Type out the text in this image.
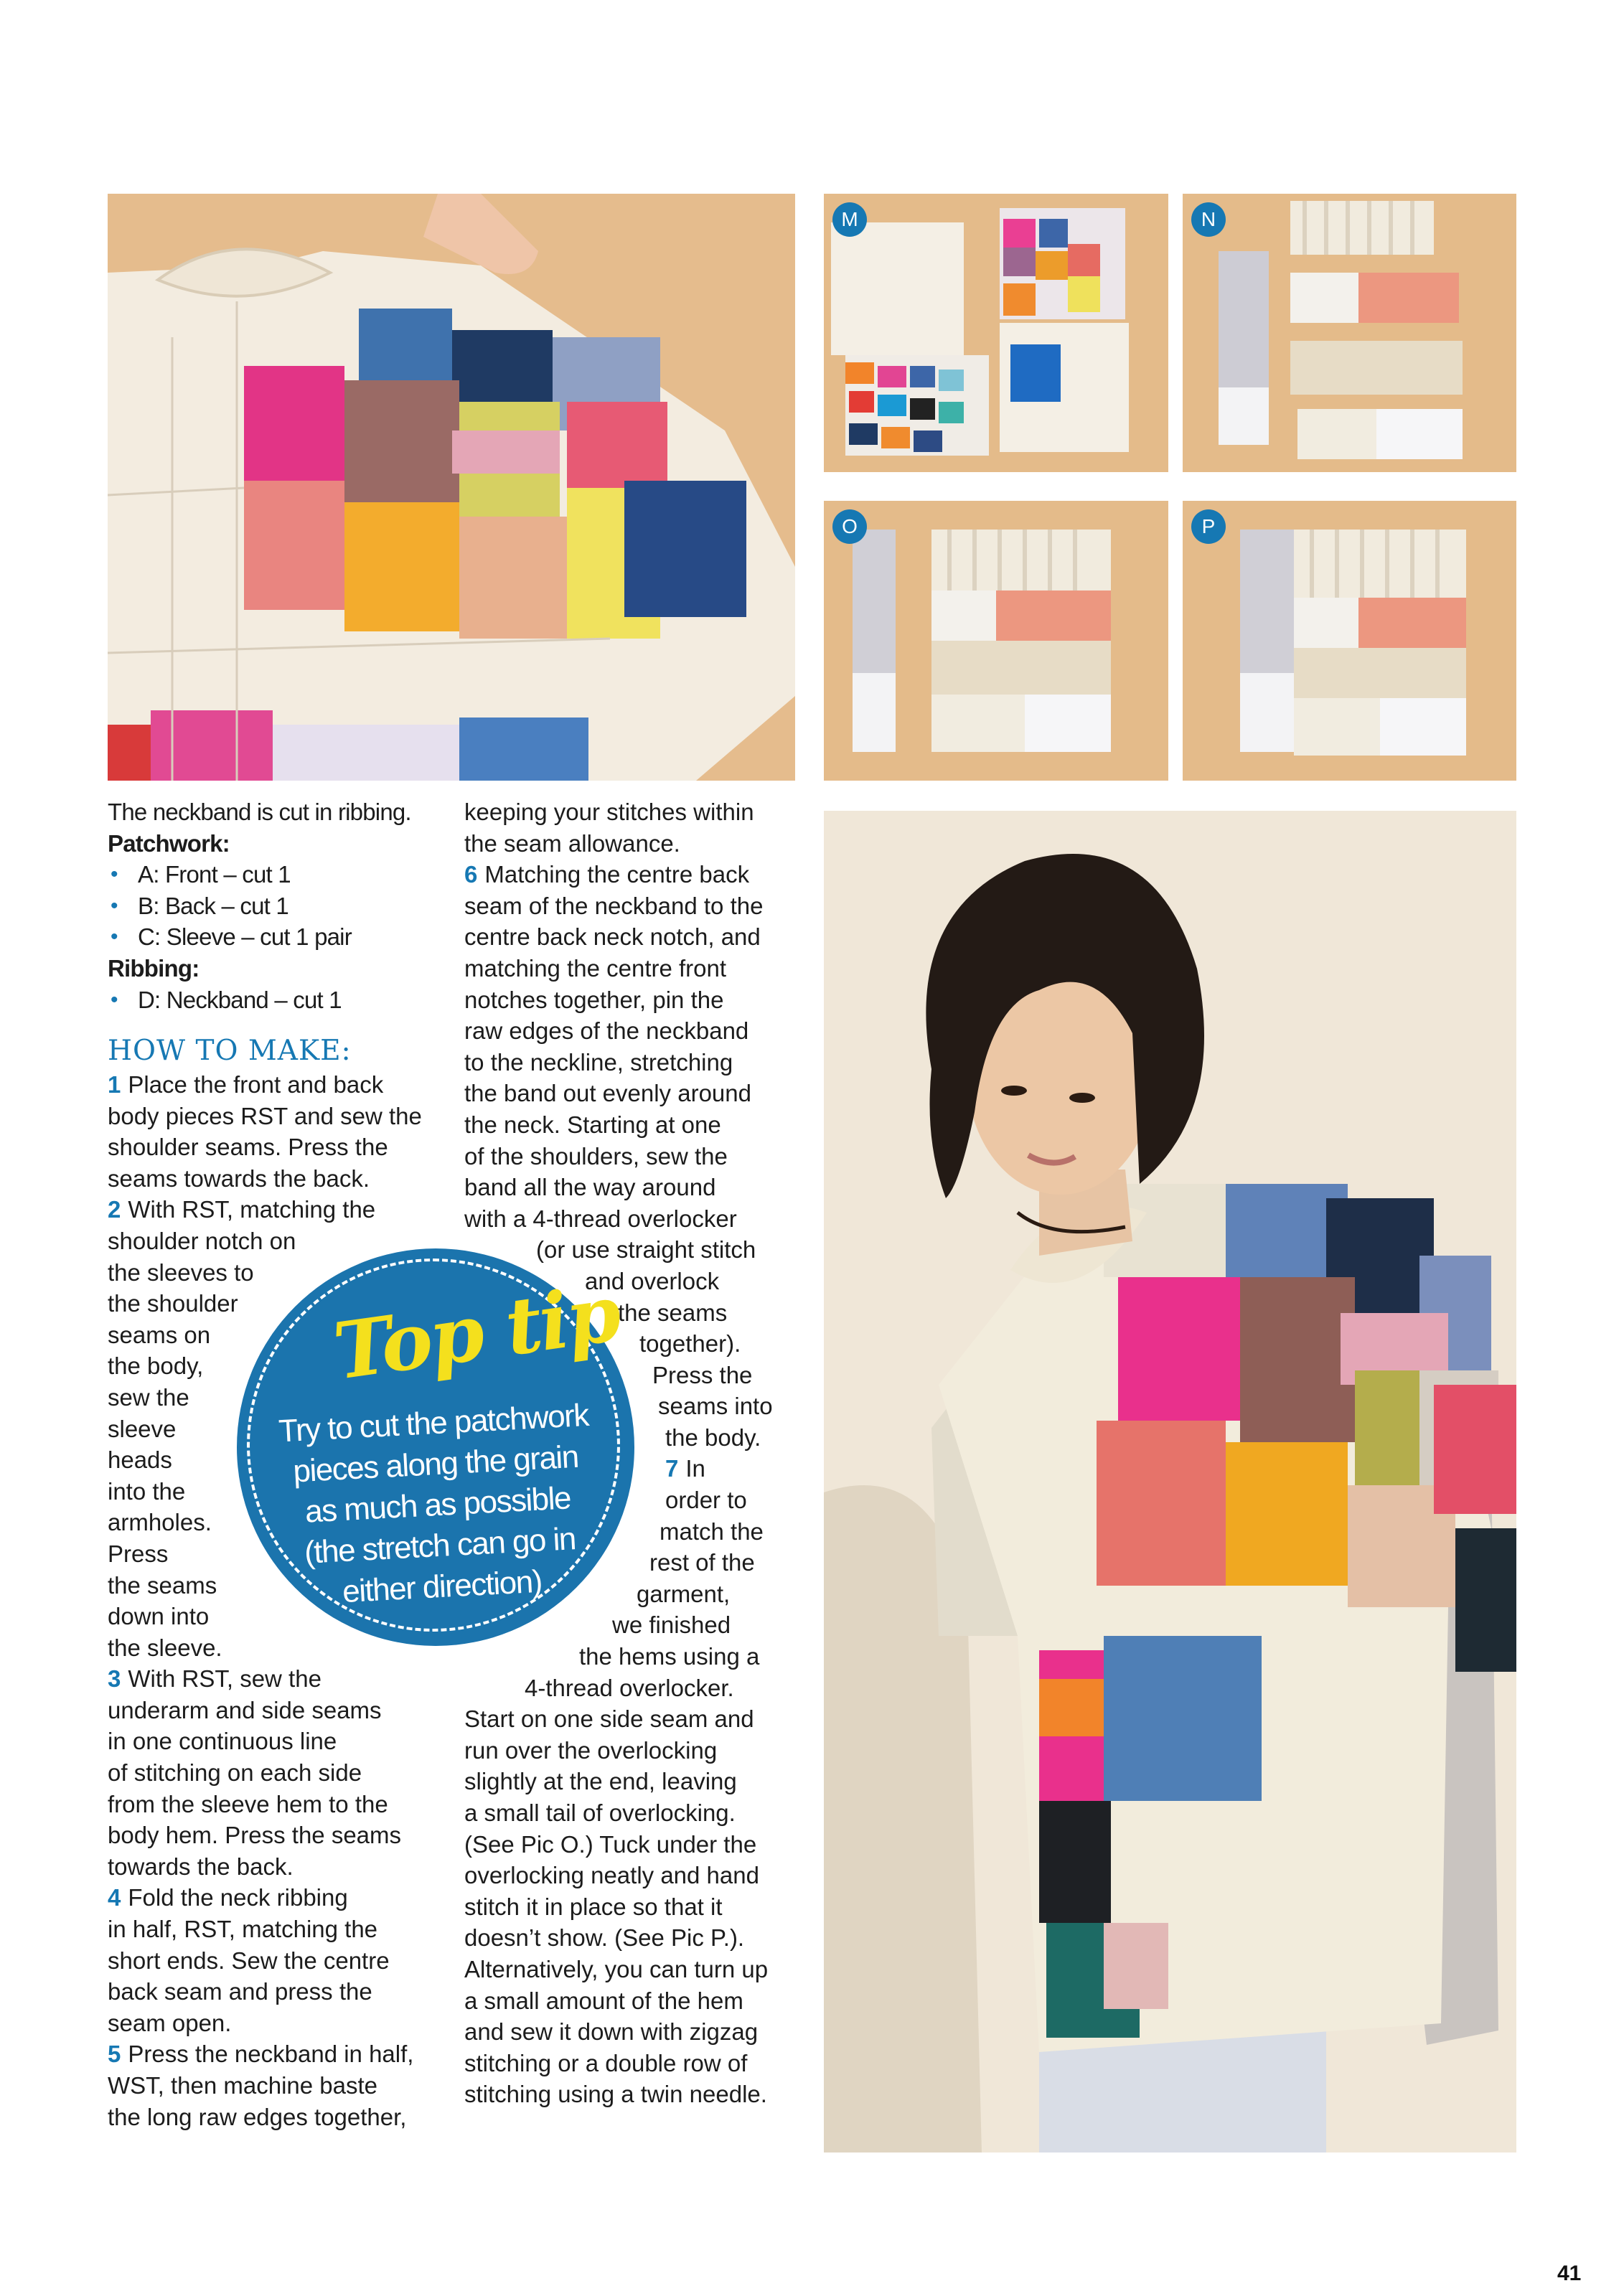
M	N
O	P
The neckband is cut in ribbing.
Patchwork:
• A: Front – cut 1
• B: Back – cut 1
• C: Sleeve – cut 1 pair
Ribbing:
• D: Neckband – cut 1
HOW TO MAKE:
1 Place the front and back
body pieces RST and sew the
shoulder seams. Press the
seams towards the back.
2 With RST, matching the
shoulder notch on
the sleeves to
the shoulder
seams on
the body,
sew the
sleeve
heads
into the
armholes.
Press
the seams
down into
the sleeve.
3 With RST, sew the
underarm and side seams
in one continuous line
of stitching on each side
from the sleeve hem to the
body hem. Press the seams
towards the back.
4 Fold the neck ribbing
in half, RST, matching the
short ends. Sew the centre
back seam and press the
seam open.
5 Press the neckband in half,
WST, then machine baste
the long raw edges together,
keeping your stitches within
the seam allowance.
6 Matching the centre back
seam of the neckband to the
centre back neck notch, and
matching the centre front
notches together, pin the
raw edges of the neckband
to the neckline, stretching
the band out evenly around
the neck. Starting at one
of the shoulders, sew the
band all the way around
with a 4-thread overlocker
(or use straight stitch
and overlock
the seams
together).
Press the
seams into
the body.
7 In
order to
match the
rest of the
garment,
we finished
the hems using a
4-thread overlocker.
Start on one side seam and
run over the overlocking
slightly at the end, leaving
a small tail of overlocking.
(See Pic O.) Tuck under the
overlocking neatly and hand
stitch it in place so that it
doesn’t show. (See Pic P.).
Alternatively, you can turn up
a small amount of the hem
and sew it down with zigzag
stitching or a double row of
stitching using a twin needle.
Top tip
Try to cut the patchwork
pieces along the grain
as much as possible
(the stretch can go in
either direction)
41
